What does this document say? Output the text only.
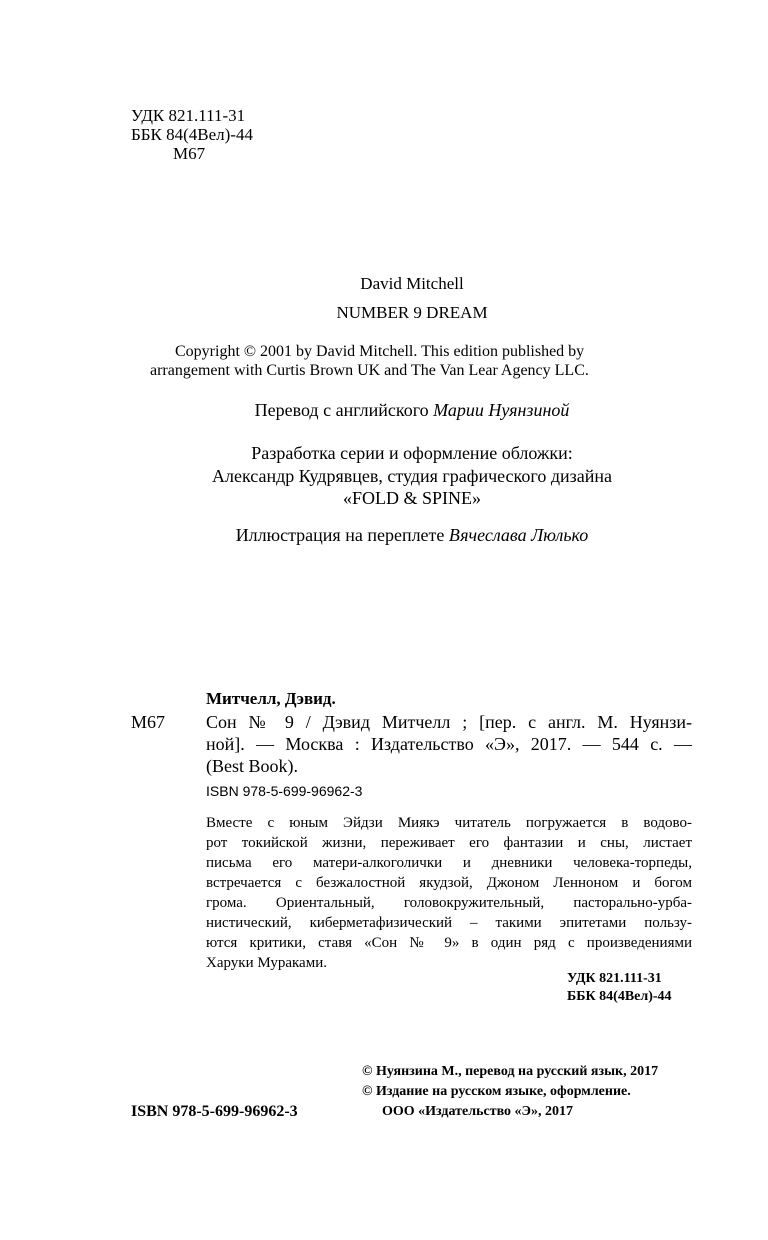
УДК 821.111-31
ББК 84(4Вел)-44
М67
David Mitchell
NUMBER 9 DREAM
Copyright © 2001 by David Mitchell. This edition published by
arrangement with Curtis Brown UK and The Van Lear Agency LLC.
Перевод с английского Марии Нуянзиной
Разработка серии и оформление обложки:
Александр Кудрявцев, студия графического дизайна
«FOLD & SPINE»
Иллюстрация на переплете Вячеслава Люлько
Митчелл, Дэвид.
М67 Сон № 9 / Дэвид Митчелл ; [пер. с англ. М. Нуянзи-
ной]. — Москва : Издательство «Э», 2017. — 544 с. —
(Best Book).
ISBN 978-5-699-96962-3
Вместе с юным Эйдзи Миякэ читатель погружается в водово-
рот токийской жизни, переживает его фантазии и сны, листает
письма его матери-алкоголички и дневники человека-торпеды,
встречается с безжалостной якудзой, Джоном Ленноном и богом
грома. Ориентальный, головокружительный, пасторально-урба-
нистический, киберметафизический – такими эпитетами пользу-
ются критики, ставя «Сон № 9» в один ряд с произведениями
Харуки Мураками.
УДК 821.111-31
ББК 84(4Вел)-44
© Нуянзина М., перевод на русский язык, 2017
© Издание на русском языке, оформление.
ISBN 978-5-699-96962-3	ООО «Издательство «Э», 2017
